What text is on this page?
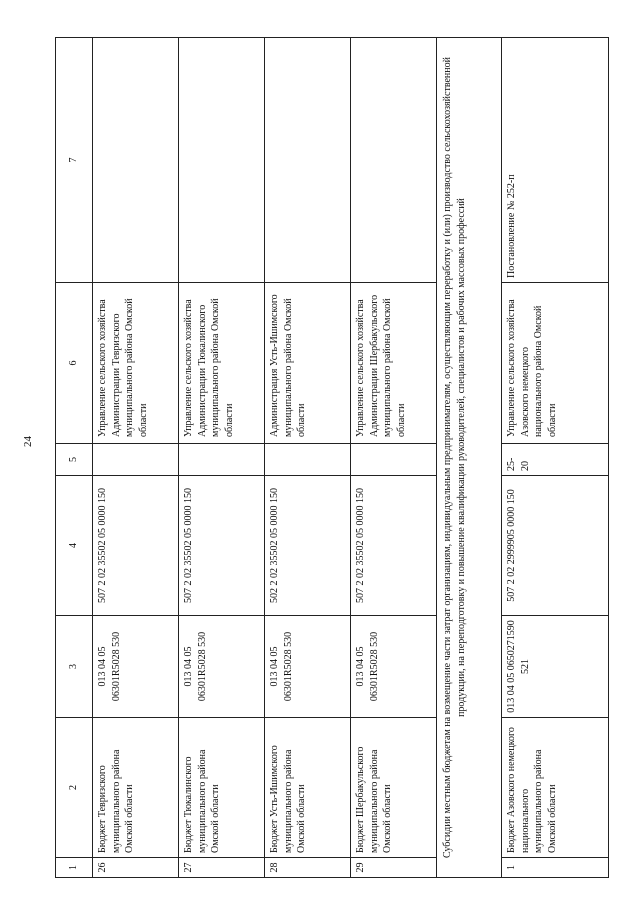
24
1	2	3	4	5	6	7
26	Бюджет Тевризского муниципального района Омской области	013 04 05 06301R5028 530	507 2 02 35502 05 0000 150		Управление сельского хозяйства Администрации Тевризского муниципального района Омской области	
27	Бюджет Тюкалинского муниципального района Омской области	013 04 05 06301R5028 530	507 2 02 35502 05 0000 150		Управление сельского хозяйства Администрации Тюкалинского муниципального района Омской области	
28	Бюджет Усть-Ишимского муниципального района Омской области	013 04 05 06301R5028 530	502 2 02 35502 05 0000 150		Администрация Усть-Ишимского муниципального района Омской области	
29	Бюджет Шербакульского муниципального района Омской области	013 04 05 06301R5028 530	507 2 02 35502 05 0000 150		Управление сельского хозяйства Администрации Шербакульского муниципального района Омской области	
Субсидии местным бюджетам на возмещение части затрат организациям, индивидуальным предпринимателям, осуществляющим переработку и (или) производство сельскохозяйственной продукции, на переподготовку и повышение квалификации руководителей, специалистов и рабочих массовых профессий						
1	Бюджет Азовского немецкого национального муниципального района Омской области	013 04 05 0650271590 521	507 2 02 2999905 0000 150	25-20	Управление сельского хозяйства Азовского немецкого национального района Омской области	Постановление № 252-п
